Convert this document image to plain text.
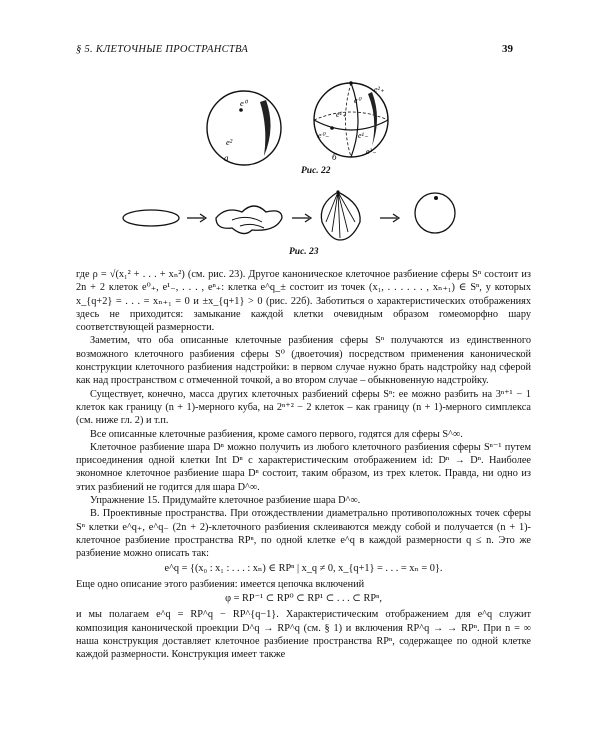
§ 5. КЛЕТОЧНЫЕ ПРОСТРАНСТВА	39
e⁰
e²
а
e²₊
e⁰
e¹₊
e¹₋
e⁰₋
e²₋
б
Рис. 22
Рис. 23

где ρ = √(x₁² + . . . + xₙ²) (см. рис. 23). Другое каноническое клеточное разбиение сферы Sⁿ состоит из 2n + 2 клеток e⁰₊, e¹₋, . . . , eⁿ₊: клетка e^q_± состоит из точек (x₁, . . . . . . , xₙ₊₁) ∈ Sⁿ, у которых x_{q+2} = . . . = xₙ₊₁ = 0 и ±x_{q+1} > 0 (рис. 22б). Заботиться о характеристических отображениях здесь не приходится: замыкание каждой клетки очевидным образом гомеоморфно шару соответствующей размерности.

Заметим, что оба описанные клеточные разбиения сферы Sⁿ получаются из единственного возможного клеточного разбиения сферы S⁰ (двоеточия) посредством применения канонической конструкции клеточного разбиения надстройки: в первом случае нужно брать надстройку над сферой как над пространством с отмеченной точкой, а во втором случае – обыкновенную надстройку.

Существует, конечно, масса других клеточных разбиений сферы Sⁿ: ее можно разбить на 3ⁿ⁺¹ − 1 клеток как границу (n + 1)-мерного куба, на 2ⁿ⁺² − 2 клеток – как границу (n + 1)-мерного симплекса (см. ниже гл. 2) и т.п.

Все описанные клеточные разбиения, кроме самого первого, годятся для сферы S^∞.

Клеточное разбиение шара Dⁿ можно получить из любого клеточного разбиения сферы Sⁿ⁻¹ путем присоединения одной клетки Int Dⁿ с характеристическим отображением id: Dⁿ → Dⁿ. Наиболее экономное клеточное разбиение шара Dⁿ состоит, таким образом, из трех клеток. Правда, ни одно из этих разбиений не годится для шара D^∞.

Упражнение 15. Придумайте клеточное разбиение шара D^∞.

В. Проективные пространства. При отождествлении диаметрально противоположных точек сферы Sⁿ клетки e^q₊, e^q₋ (2n + 2)-клеточного разбиения склеиваются между собой и получается (n + 1)-клеточное разбиение пространства RPⁿ, по одной клетке e^q в каждой размерности q ≤ n. Это же разбиение можно описать так:

e^q = {(x₀ : x₁ : . . . : xₙ) ∈ RPⁿ | x_q ≠ 0, x_{q+1} = . . . = xₙ = 0}.

Еще одно описание этого разбиения: имеется цепочка включений

φ = RP⁻¹ ⊂ RP⁰ ⊂ RP¹ ⊂ . . . ⊂ RPⁿ,

и мы полагаем e^q = RP^q − RP^{q−1}. Характеристическим отображением для e^q служит композиция канонической проекции D^q → RP^q (см. § 1) и включения RP^q → → RPⁿ. При n = ∞ наша конструкция доставляет клеточное разбиение пространства RPⁿ, содержащее по одной клетке каждой размерности. Конструкция имеет также
